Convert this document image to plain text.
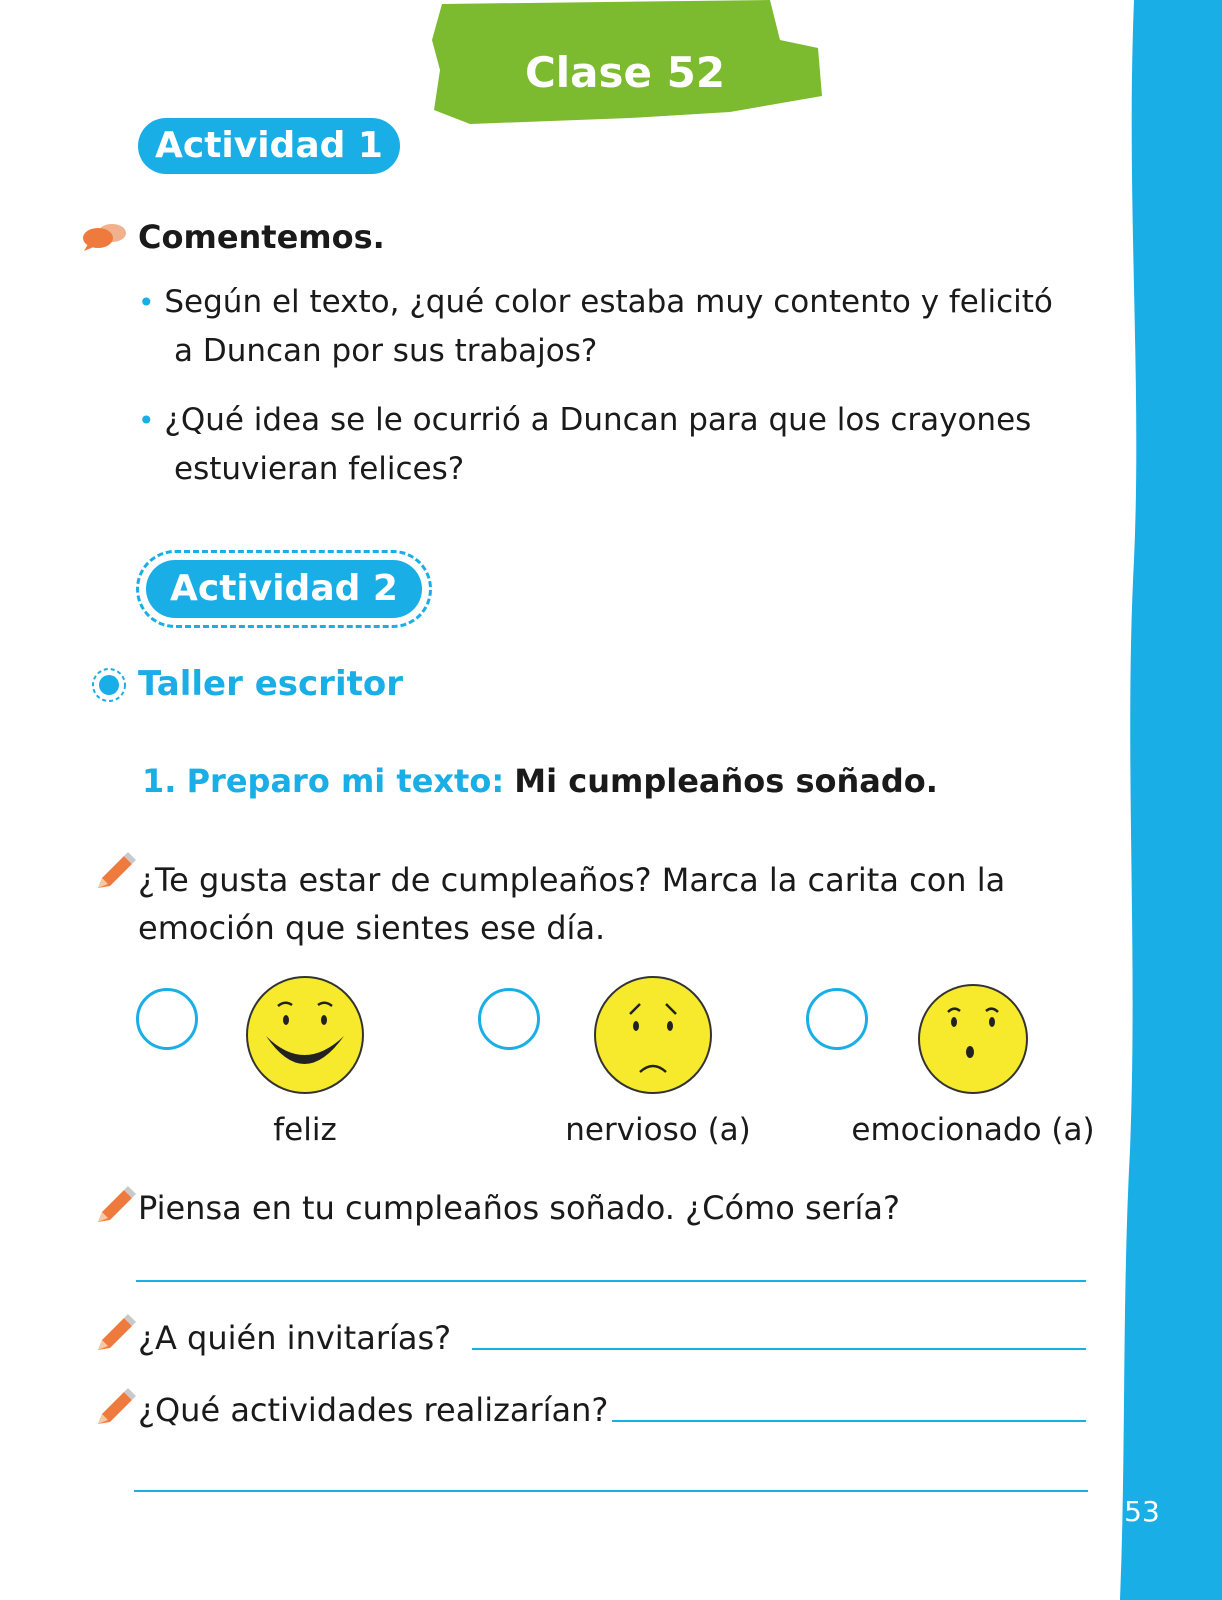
Clase 52
Actividad 1
Comentemos.
• Según el texto, ¿qué color estaba muy contento y felicitó
a Duncan por sus trabajos?
• ¿Qué idea se le ocurrió a Duncan para que los crayones
estuvieran felices?
Actividad 2
Taller escritor
1. Preparo mi texto: Mi cumpleaños soñado.
¿Te gusta estar de cumpleaños? Marca la carita con la
emoción que sientes ese día.
feliz	nervioso (a)	emocionado (a)
Piensa en tu cumpleaños soñado. ¿Cómo sería?
¿A quién invitarías?
¿Qué actividades realizarían?
53
